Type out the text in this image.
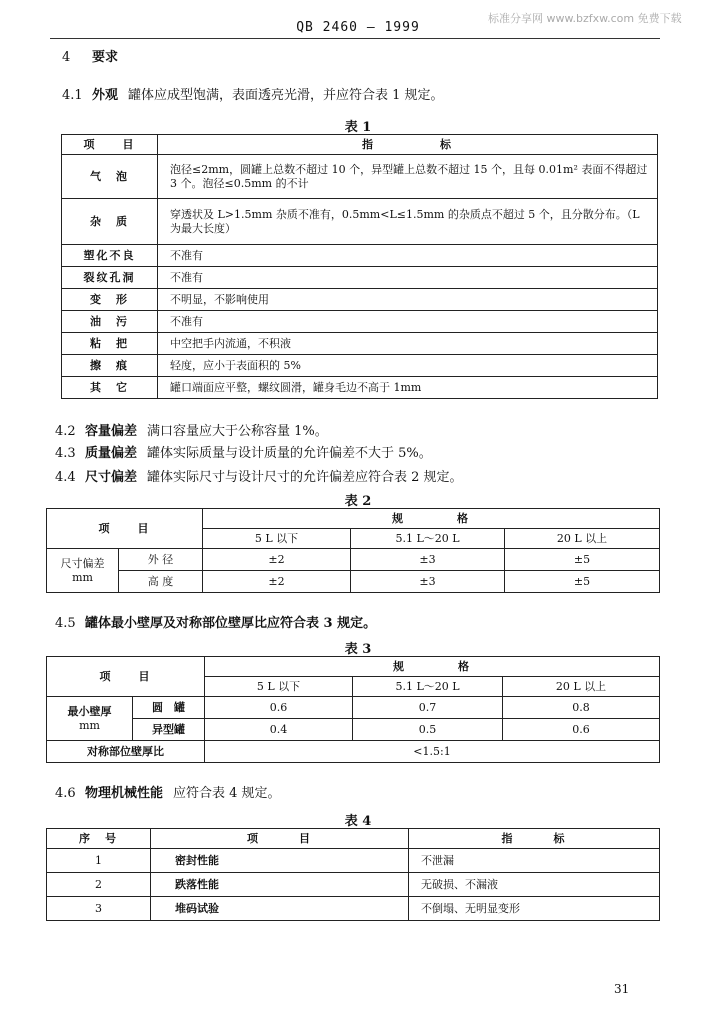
QB 2460 — 1999
标准分享网 www.bzfxw.com 免费下载
4 要求
4.1 外观 罐体应成型饱满，表面透亮光滑，并应符合表 1 规定。
表 1
项　　目	指　　　　　标
气　泡	泡径≤2mm，圆罐上总数不超过 10 个，异型罐上总数不超过 15 个，且每 0.01m² 表面不得超过 3 个。泡径≤0.5mm 的不计
杂　质	穿透状及 L>1.5mm 杂质不准有，0.5mm<L≤1.5mm 的杂质点不超过 5 个，且分散分布。（L 为最大长度）
塑化不良	不准有
裂纹孔洞	不准有
变　形	不明显，不影响使用
油　污	不准有
粘　把	中空把手内流通，不积液
擦　痕	轻度，应小于表面积的 5%
其　它	罐口端面应平整，螺纹圆滑，罐身毛边不高于 1mm
4.2 容量偏差 满口容量应大于公称容量 1%。
4.3 质量偏差 罐体实际质量与设计质量的允许偏差不大于 5%。
4.4 尺寸偏差 罐体实际尺寸与设计尺寸的允许偏差应符合表 2 规定。
表 2
项　　目		规　　　　格		
		5 L 以下	5.1 L～20 L	20 L 以上

尺寸偏差
mm	外 径	±2	±3	±5
	高 度	±2	±3	±5
4.5 罐体最小壁厚及对称部位壁厚比应符合表 3 规定。
表 3
项　　目		规　　　　格		
		5 L 以下	5.1 L～20 L	20 L 以上

最小壁厚
mm	圆　罐	0.6	0.7	0.8
	异型罐	0.4	0.5	0.6
对称部位壁厚比		<1.5:1		
4.6 物理机械性能 应符合表 4 规定。
表 4
序　号	项　　　目	指　　　标
1	密封性能	不泄漏
2	跌落性能	无破损、不漏液
3	堆码试验	不倒塌、无明显变形
31
